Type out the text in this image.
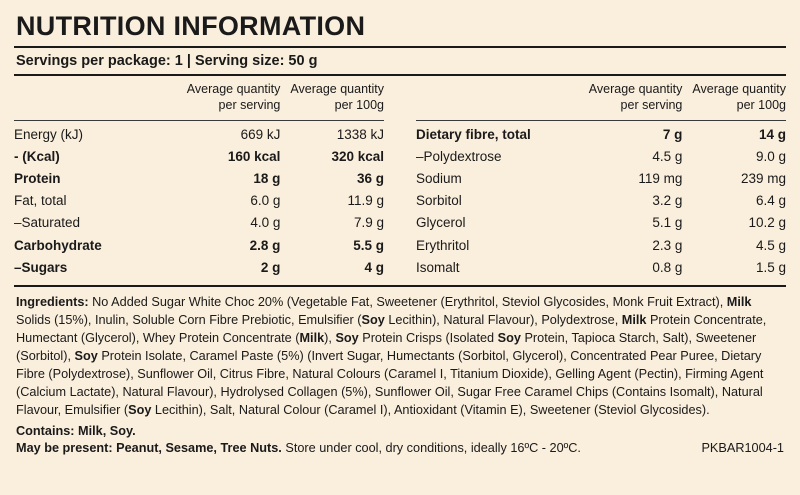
NUTRITION INFORMATION
Servings per package: 1 | Serving size: 50 g
	Average quantity
per serving	Average quantity
per 100g
Energy (kJ)	669 kJ	1338 kJ
- (Kcal)	160 kcal	320 kcal
Protein	18 g	36 g
Fat, total	6.0 g	11.9 g
–Saturated	4.0 g	7.9 g
Carbohydrate	2.8 g	5.5 g
–Sugars	2 g	4 g
	Average quantity
per serving	Average quantity
per 100g
Dietary fibre, total	7 g	14 g
–Polydextrose	4.5 g	9.0 g
Sodium	119 mg	239 mg
Sorbitol	3.2 g	6.4 g
Glycerol	5.1 g	10.2 g
Erythritol	2.3 g	4.5 g
Isomalt	0.8 g	1.5 g
Ingredients: No Added Sugar White Choc 20% (Vegetable Fat, Sweetener (Erythritol, Steviol Glycosides, Monk Fruit Extract), Milk Solids (15%), Inulin, Soluble Corn Fibre Prebiotic, Emulsifier (Soy Lecithin), Natural Flavour), Polydextrose, Milk Protein Concentrate, Humectant (Glycerol), Whey Protein Concentrate (Milk), Soy Protein Crisps (Isolated Soy Protein, Tapioca Starch, Salt), Sweetener (Sorbitol), Soy Protein Isolate, Caramel Paste (5%) (Invert Sugar, Humectants (Sorbitol, Glycerol), Concentrated Pear Puree, Dietary Fibre (Polydextrose), Sunflower Oil, Citrus Fibre, Natural Colours (Caramel I, Titanium Dioxide), Gelling Agent (Pectin), Firming Agent (Calcium Lactate), Natural Flavour), Hydrolysed Collagen (5%), Sunflower Oil, Sugar Free Caramel Chips (Contains Isomalt), Natural Flavour, Emulsifier (Soy Lecithin), Salt, Natural Colour (Caramel I), Antioxidant (Vitamin E), Sweetener (Steviol Glycosides).
Contains: Milk, Soy.
May be present: Peanut, Sesame, Tree Nuts. Store under cool, dry conditions, ideally 16ºC - 20ºC.	PKBAR1004-1
